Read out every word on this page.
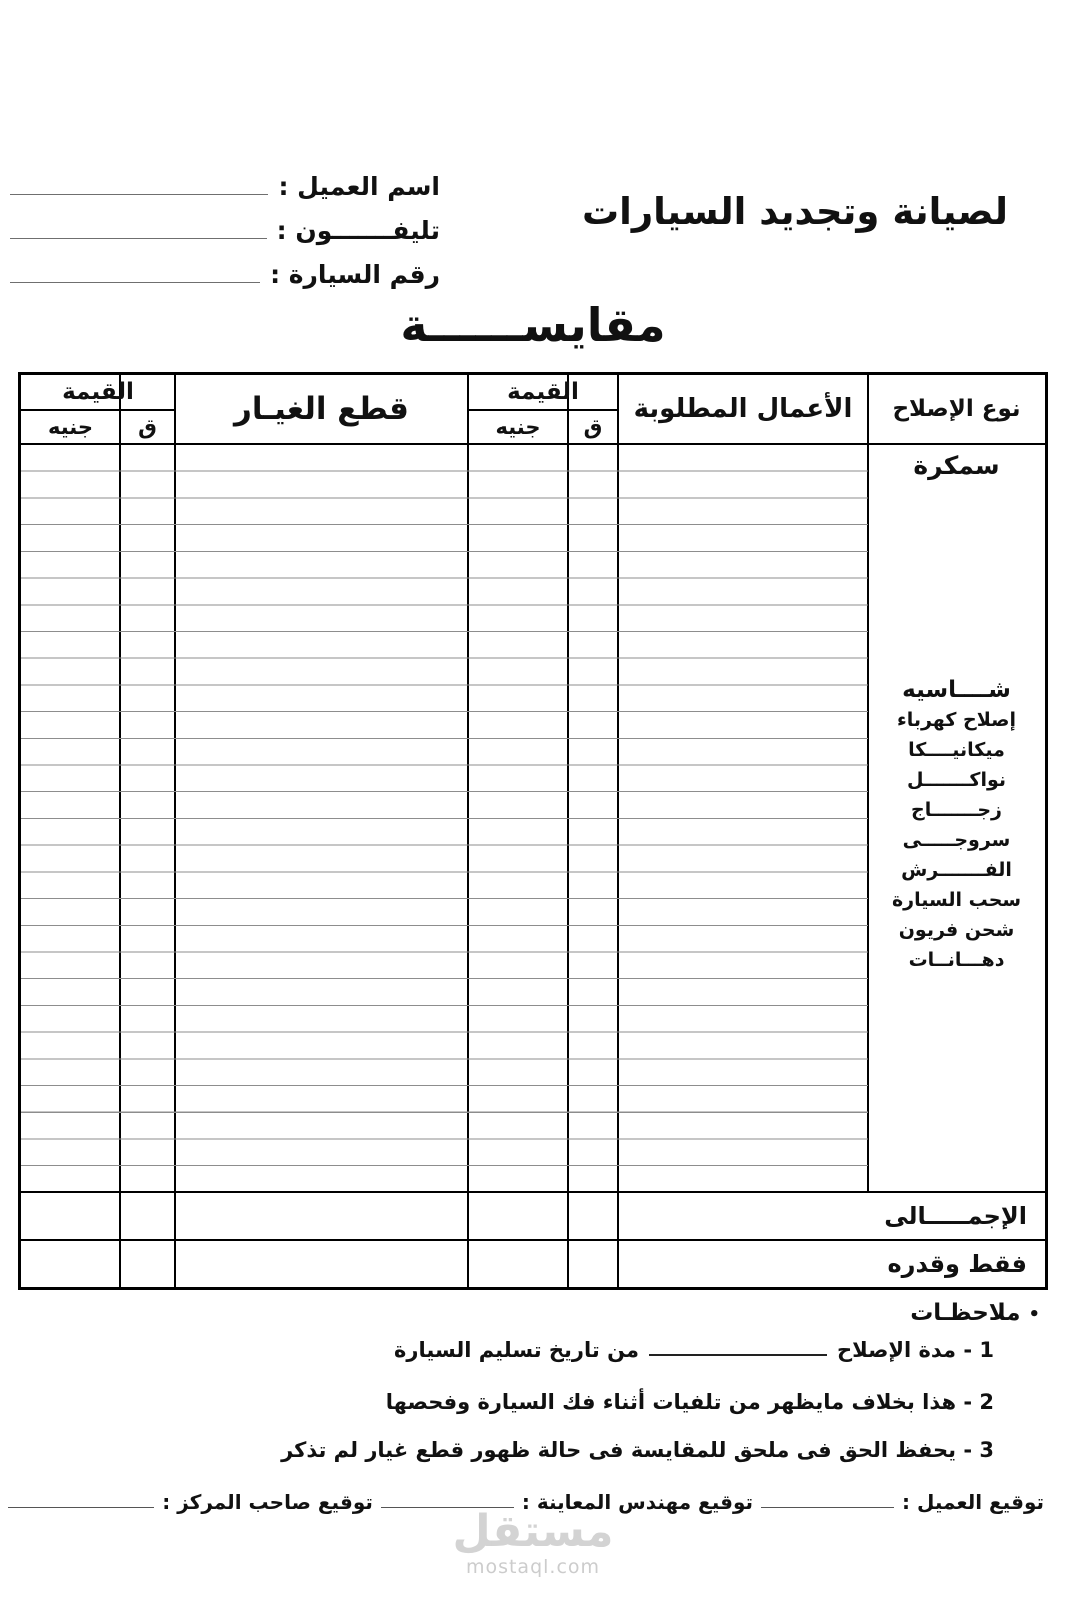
اسم العميل :
تليفـــــــون :
رقم السيارة :
لصيانة وتجديد السيارات
مقايســــــة
نوع الإصلاح
الأعمال المطلوبة
القيمة
ق
جنيه
قطع الغيـار
القيمة
ق
جنيه
سمكرة
شــــاسيه
إصلاح كهرباء
ميكانيــــكا
نواكـــــــل
زجـــــــاج
سروجـــــى
الفـــــــرش
سحب السيارة
شحن فريون
دهـــانــات
الإجمـــــالى
فقط وقدره
•ملاحظـات
1 - مدة الإصلاح
من تاريخ تسليم السيارة
2 - هذا بخلاف مايظهر من تلفيات أثناء فك السيارة وفحصها
3 - يحفظ الحق فى ملحق للمقايسة فى حالة ظهور قطع غيار لم تذكر
توقيع العميل :
توقيع مهندس المعاينة :
توقيع صاحب المركز :
مستقل
mostaql.com
